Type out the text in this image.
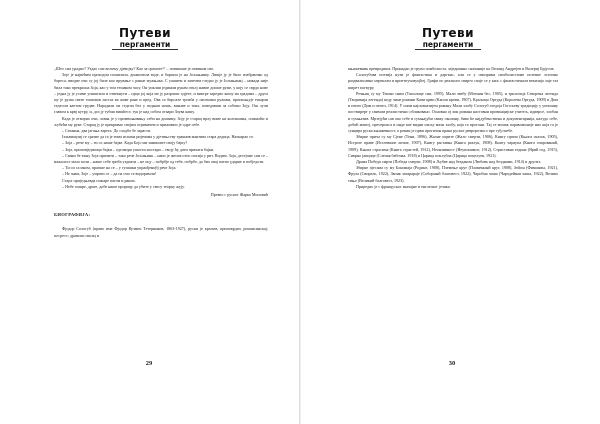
Путеви
пергаменти

„Што сам урадио? Уздао сам вољену дјевојку? Као за срамоте!“ – повикаше је повиком сво.

Зоје је највећим проходом пошизила, донаштила воде, и баршла је на Јољањинку. Лишје ју је било изабранчко од бореса, иводве очи су јој биле као ирување с ранне мужњака. С уашием и запечем гледао ју је Јољањинкј – никада није била тако прекрасна Зоја, као у том тешаком часу. Он уиклии јединим рукам отклј жавие дошие руже, у коју се сврдо нове – једна ју је усиме упиштила и отвекнути – прцо јој која ме ју разрчаис одјете, и виктре заредио кошу на градима – друга му је руша свезе тишовов ластаз ва жаве ране и пред. Ова са бирсале трпаба у пасеками ружама, прагашњује ешарчи тедесом каетом грудве. Нарадили он седели бел у педнаш ношь, винлве и тонл, поведавши за собомо Зоју. Ош лучи главом к крвј кутру, и, доз ју тубии вишћест, тук је над собом отаари Зоува кашу.

Када је отворио очи, ловак је у провешњивању себи на дишиму. Зоју је старац врлу виме на колсинима, плачаоћи и љубећи му руке. Старац ју је прекривао својим огримачем и прижамио је одре себе.

– Сатанна, два јагања зарета. До сходбо бе зарасти.

Ізльвиацзиј се сратие да га је тима испама ријечима у дјетињству тракнив мантива стара дедица. Наонарао се.

– Зоја – рече му – ти ос наше бајке. Када Бојо ми замишите своју бајку?

– Зоја, приповједачица бајки – одговори ушасти ностари – своју ћу дати причати бајки.

– Сваки бе зжну Зоја причити – тако рече Јољањинк – наио је жесив отпо похија у рит. Видим. Зоја, десејпне сам се – нажалост мало коли – наше себе гриба уздиати – не оцу – побрбје од тебе, побрбе, да бих овај патио ударне и побједоти.

– Ти си са мном, прапше на се – у гушшки упраођенцбј рече Зоја.

– Не знам, Зоје – умрати се – да па смо се видоримли!

Старх приједњевда пожаре пагом и раних.

– Небе сишре, драге, добе наше прорицу да убите у свесу теорку жују.

Превео с руског Жарко Миловић

БИОГРАФИЈА:

Фјодор Сологуб (право име Фјодор Кузмич Тетерников, 1863-1927), руски је краљев, приповрдач, романсинскај; посрест; драмски писац и

29
Путеви
пергаменти

књижевник превродиша. Принадао је групи симболиста, заједнинно сначаније ка Леонид Андрејев и Валериј Брјусов.

Сологубова поезија нузи је фантастика и даргкнс, али се у свиприма симболистачке потенке лстично раздвалисавно нереклам и ирпетпучизуојћеј. Графи ис реалного свирто спаје се у киљ с фантастичном векизија лаје таз ширет погвуру.

Речњиц су му Тешки сним (Тшшлице сни, 1995), Мали звебу (Мотнин бес, 1905), и трилогија Створена легенда (Творимаја легенда) кеду чине романи Капи крви (Капли крови, 1907), Краљица Ортуда (Королева Ортуда, 1909) и Дим и пепео (Дим и пепел, 1914). У оном најпознатијем роману Мали злобу Сологуб гледоја Гогољеву традицију у уопишну поствирерт у свимом реалистично обликовано. Основна ој лик романа наставни провинцијске учитељ, идиврсе, злобан и сумњатив. Мрзејући сав око себе и сумњајући сваку околину, биво ће најдубенствена и документарнија, налудо себе, добић маштј, пресерпаса и инде кае видни шаљу мали злобу, која га прогони. Тај се момак паравлашнаје них која га је сунцвра руска књижевност, а роман је први прогичан прана руског реврорезва о пре гуђ гнебе.

Збирке прича су му Сјене (Тени, 1896), Жалне хорите (Жало смерти, 1906), Книгу прича (Књига сказок, 1905), Истргле праве (Истлевшие личие, 1907), Книгу раставна (Книга разлук, 1908), Книгу чараупа (Книга очарований, 1909), Књига страсима (Книга страстей, 1912), Неонзивност (Неупонимое, 1912), Стриставна гедина (Ярий год, 1915), Сиврно јапцице (Слепая бабочка, 1918) и Царица поклубиа (Царица поцелуев, 1921).

Драма Победа смрти (Победа смерти, 1908) и Љубве над безданом (Любовь над безднами, 1914) и других.

Збирке пјесама су му Бонимаја (Родине, 1908), Племење круг (Пламенный круг, 1908), Jedinu (Фимиамы, 1921), Фрула (Свирель, 1922), Звонк затарараје (Соборный благовест, 1922), Чаробна чаша (Чародейная чаша, 1922), Велико тиње (Великий благовест, 1923).

Приредио је с француског значајне и енглеског језика.

30
